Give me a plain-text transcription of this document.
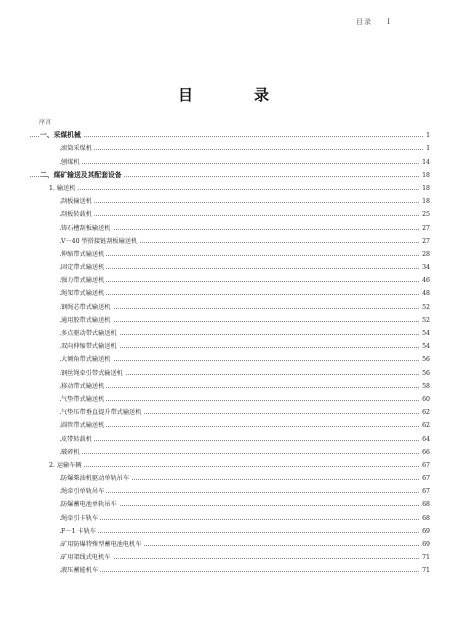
目录 I
目	录
序言
一、采煤机械	1
滚筒采煤机	1
刨煤机	14
二、煤矿输送及其配套设备	18
1. 输送机	18
刮板输送机	18
刮板转载机	25
铸石槽刮板输送机	27
V－40 型搭接链刮板输送机	27
伸缩带式输送机	28
固定带式输送机	34
强力带式输送机	46
绳架带式输送机	48
钢绳芯带式输送机	52
通用胶带式输送机	52
多点驱动带式输送机	54
双向伸缩带式输送机	54
大倾角带式输送机	56
钢丝绳牵引带式输送机	56
移动带式输送机	58
气垫带式输送机	60
气垫压带垂直提升带式输送机	62
圆管带式输送机	62
皮带转载机	64
破碎机	66
2. 运输车辆	67
防爆柴油机驱动单轨吊车	67
绳牵引单轨吊车	67
防爆蓄电池单轨吊车	68
绳牵引卡轨车	68
F－1 卡轨车	69
矿用防爆特殊型蓄电池电机车	69
矿用架线式电机车	71
液压蓄能机车	71
